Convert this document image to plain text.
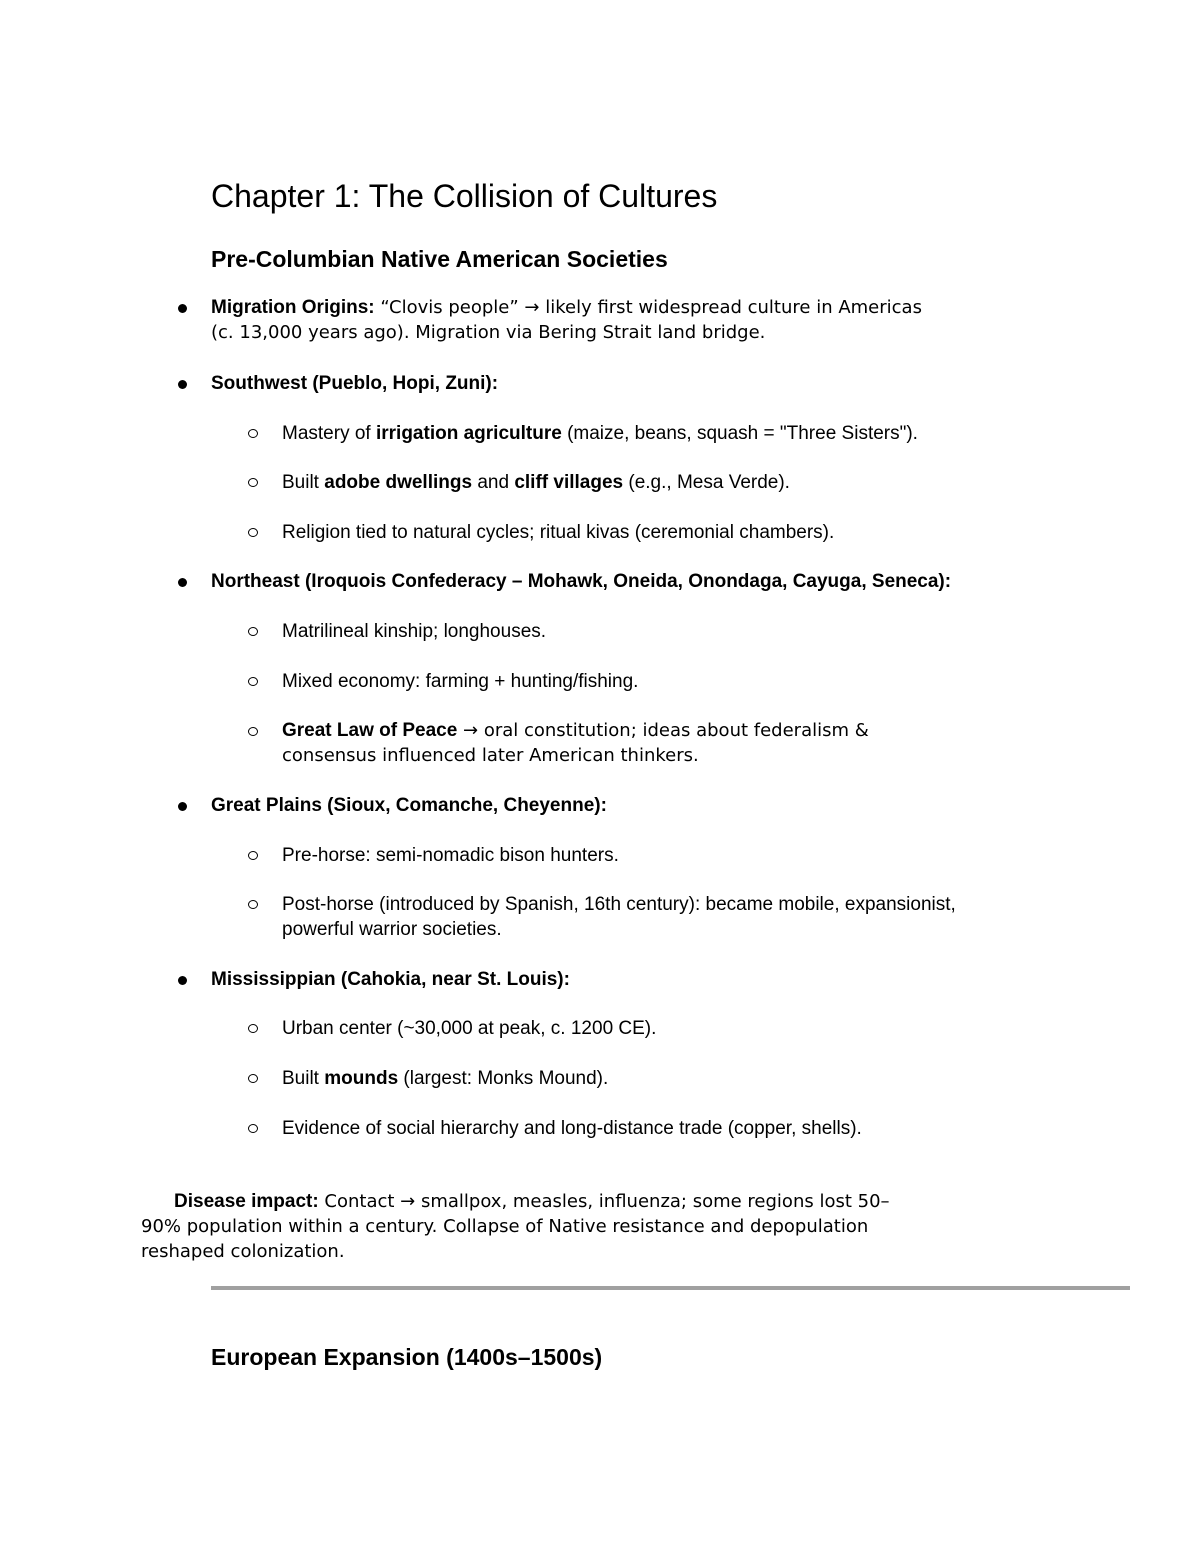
Chapter 1: The Collision of Cultures
Pre-Columbian Native American Societies
Migration Origins: “Clovis people” → likely first widespread culture in Americas
(c. 13,000 years ago). Migration via Bering Strait land bridge.
Southwest (Pueblo, Hopi, Zuni):
Mastery of irrigation agriculture (maize, beans, squash = "Three Sisters").
Built adobe dwellings and cliff villages (e.g., Mesa Verde).
Religion tied to natural cycles; ritual kivas (ceremonial chambers).
Northeast (Iroquois Confederacy – Mohawk, Oneida, Onondaga, Cayuga, Seneca):
Matrilineal kinship; longhouses.
Mixed economy: farming + hunting/fishing.
Great Law of Peace → oral constitution; ideas about federalism &
consensus influenced later American thinkers.
Great Plains (Sioux, Comanche, Cheyenne):
Pre-horse: semi-nomadic bison hunters.
Post-horse (introduced by Spanish, 16th century): became mobile, expansionist,
powerful warrior societies.
Mississippian (Cahokia, near St. Louis):
Urban center (~30,000 at peak, c. 1200 CE).
Built mounds (largest: Monks Mound).
Evidence of social hierarchy and long-distance trade (copper, shells).
Disease impact: Contact → smallpox, measles, influenza; some regions lost 50–
90% population within a century. Collapse of Native resistance and depopulation
reshaped colonization.
European Expansion (1400s–1500s)
